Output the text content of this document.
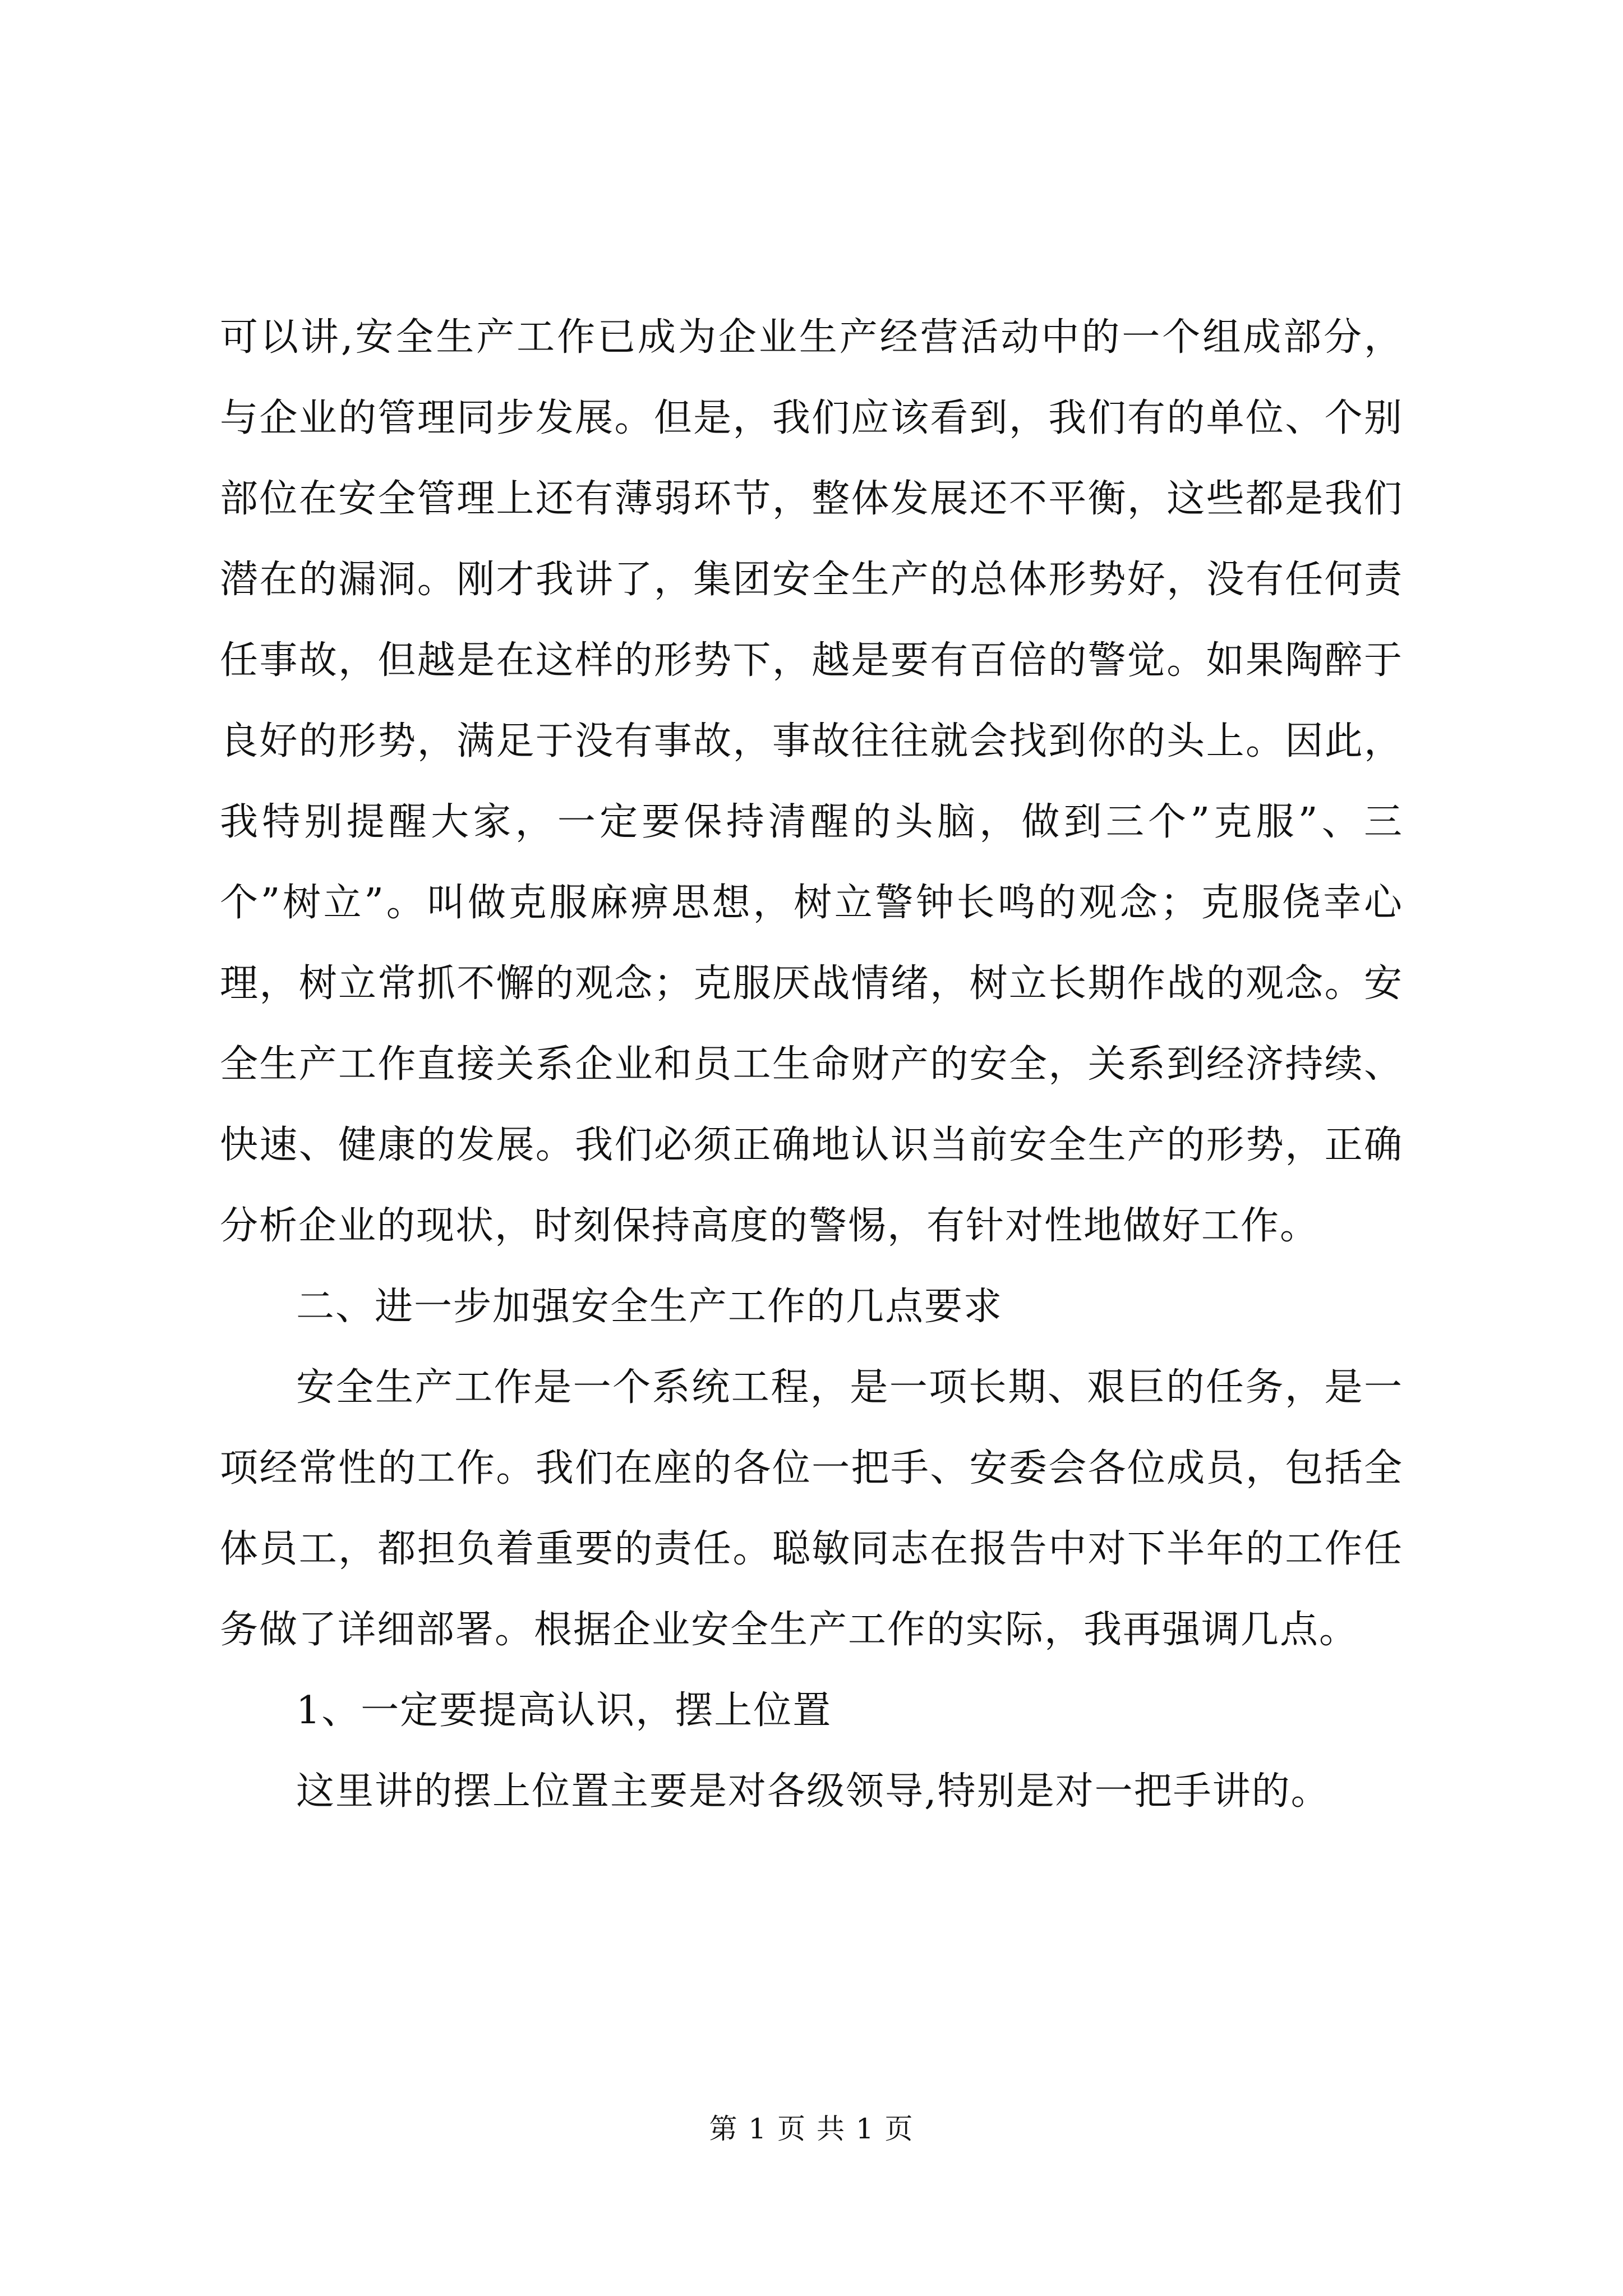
可以讲,安全生产工作已成为企业生产经营活动中的一个组成部分，与企业的管理同步发展。但是，我们应该看到，我们有的单位、个别部位在安全管理上还有薄弱环节，整体发展还不平衡，这些都是我们潜在的漏洞。刚才我讲了，集团安全生产的总体形势好，没有任何责任事故，但越是在这样的形势下，越是要有百倍的警觉。如果陶醉于良好的形势，满足于没有事故，事故往往就会找到你的头上。因此，我特别提醒大家，一定要保持清醒的头脑，做到三个”克服”、三个”树立”。叫做克服麻痹思想，树立警钟长鸣的观念；克服侥幸心理，树立常抓不懈的观念；克服厌战情绪，树立长期作战的观念。安全生产工作直接关系企业和员工生命财产的安全，关系到经济持续、快速、健康的发展。我们必须正确地认识当前安全生产的形势，正确分析企业的现状，时刻保持高度的警惕，有针对性地做好工作。

二、进一步加强安全生产工作的几点要求

安全生产工作是一个系统工程，是一项长期、艰巨的任务，是一项经常性的工作。我们在座的各位一把手、安委会各位成员，包括全体员工，都担负着重要的责任。聪敏同志在报告中对下半年的工作任务做了详细部署。根据企业安全生产工作的实际，我再强调几点。

1、一定要提高认识，摆上位置

这里讲的摆上位置主要是对各级领导,特别是对一把手讲的。

第 1 页 共 1 页
